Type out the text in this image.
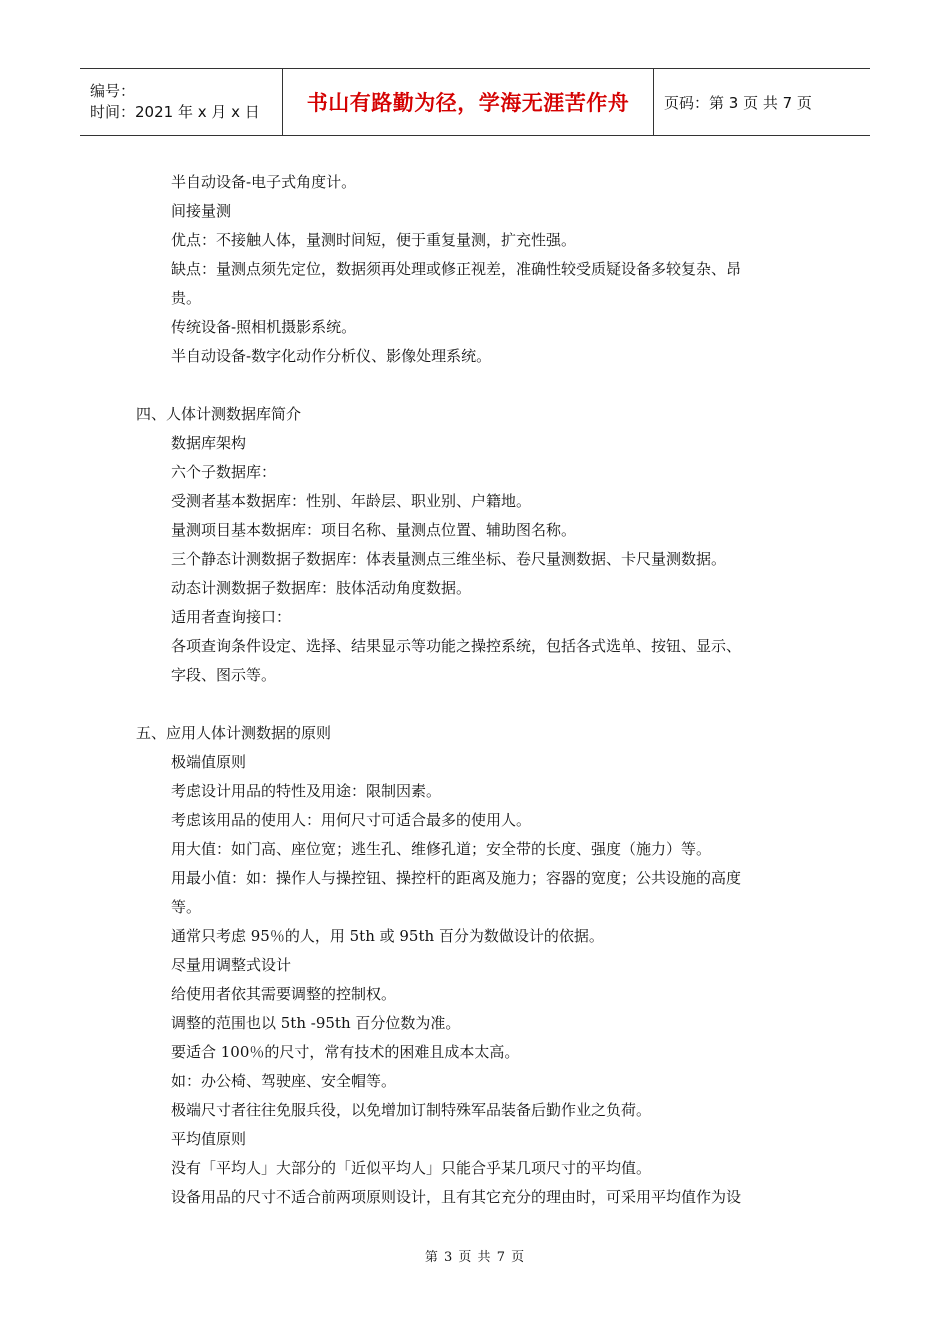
编号：
时间：2021 年 x 月 x 日	书山有路勤为径，学海无涯苦作舟 页码：第 3 页 共 7 页
半自动设备-电子式角度计。
间接量测
优点：不接触人体，量测时间短，便于重复量测，扩充性强。
缺点：量测点须先定位，数据须再处理或修正视差，准确性较受质疑设备多较复杂、昂
贵。
传统设备-照相机摄影系统。
半自动设备-数字化动作分析仪、影像处理系统。
四、人体计测数据库简介
数据库架构
六个子数据库：
受测者基本数据库：性别、年龄层、职业别、户籍地。
量测项目基本数据库：项目名称、量测点位置、辅助图名称。
三个静态计测数据子数据库：体表量测点三维坐标、卷尺量测数据、卡尺量测数据。
动态计测数据子数据库：肢体活动角度数据。
适用者查询接口：
各项查询条件设定、选择、结果显示等功能之操控系统，包括各式选单、按钮、显示、
字段、图示等。
五、应用人体计测数据的原则
极端值原则
考虑设计用品的特性及用途：限制因素。
考虑该用品的使用人：用何尺寸可适合最多的使用人。
用大值：如门高、座位宽；逃生孔、维修孔道；安全带的长度、强度（施力）等。
用最小值：如：操作人与操控钮、操控杆的距离及施力；容器的宽度；公共设施的高度
等。
通常只考虑 95％的人，用 5th 或 95th 百分为数做设计的依据。
尽量用调整式设计
给使用者依其需要调整的控制权。
调整的范围也以 5th -95th 百分位数为准。
要适合 100％的尺寸，常有技术的困难且成本太高。
如：办公椅、驾驶座、安全帽等。
极端尺寸者往往免服兵役，以免增加订制特殊军品装备后勤作业之负荷。
平均值原则
没有「平均人」大部分的「近似平均人」只能合乎某几项尺寸的平均值。
设备用品的尺寸不适合前两项原则设计，且有其它充分的理由时，可采用平均值作为设
第 3 页 共 7 页
